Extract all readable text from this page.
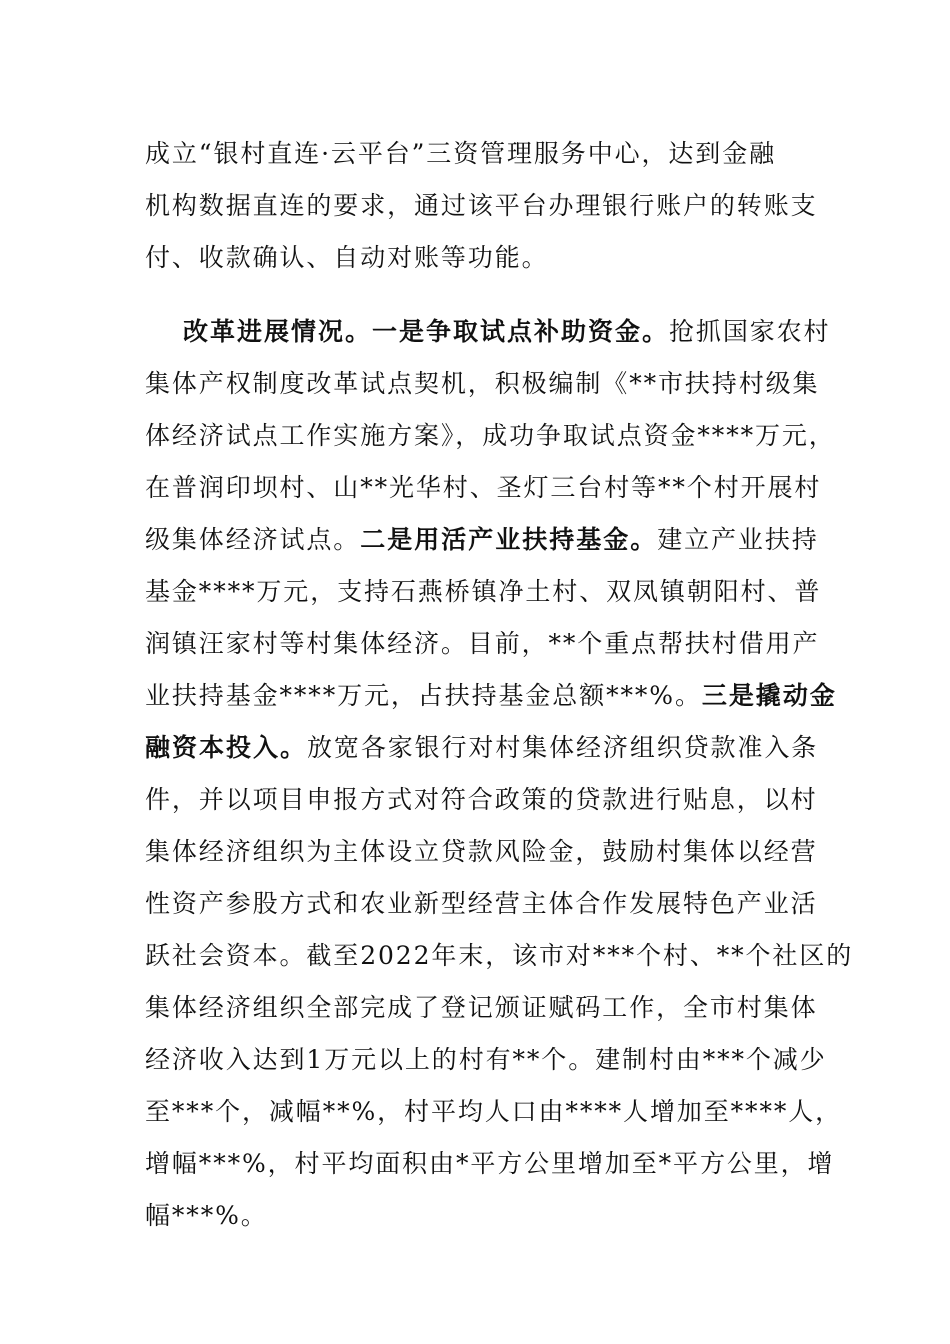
成立“银村直连·云平台”三资管理服务中心，达到金融
机构数据直连的要求，通过该平台办理银行账户的转账支
付、收款确认、自动对账等功能。
改革进展情况。一是争取试点补助资金。抢抓国家农村
集体产权制度改革试点契机，积极编制《**市扶持村级集
体经济试点工作实施方案》，成功争取试点资金****万元，
在普润印坝村、山**光华村、圣灯三台村等**个村开展村
级集体经济试点。二是用活产业扶持基金。建立产业扶持
基金****万元，支持石燕桥镇净土村、双凤镇朝阳村、普
润镇汪家村等村集体经济。目前，**个重点帮扶村借用产
业扶持基金****万元，占扶持基金总额***%。三是撬动金
融资本投入。放宽各家银行对村集体经济组织贷款准入条
件，并以项目申报方式对符合政策的贷款进行贴息，以村
集体经济组织为主体设立贷款风险金，鼓励村集体以经营
性资产参股方式和农业新型经营主体合作发展特色产业活
跃社会资本。截至2022年末，该市对***个村、**个社区的
集体经济组织全部完成了登记颁证赋码工作，全市村集体
经济收入达到1万元以上的村有**个。建制村由***个减少
至***个，减幅**%，村平均人口由****人增加至****人，
增幅***%，村平均面积由*平方公里增加至*平方公里，增
幅***%。
